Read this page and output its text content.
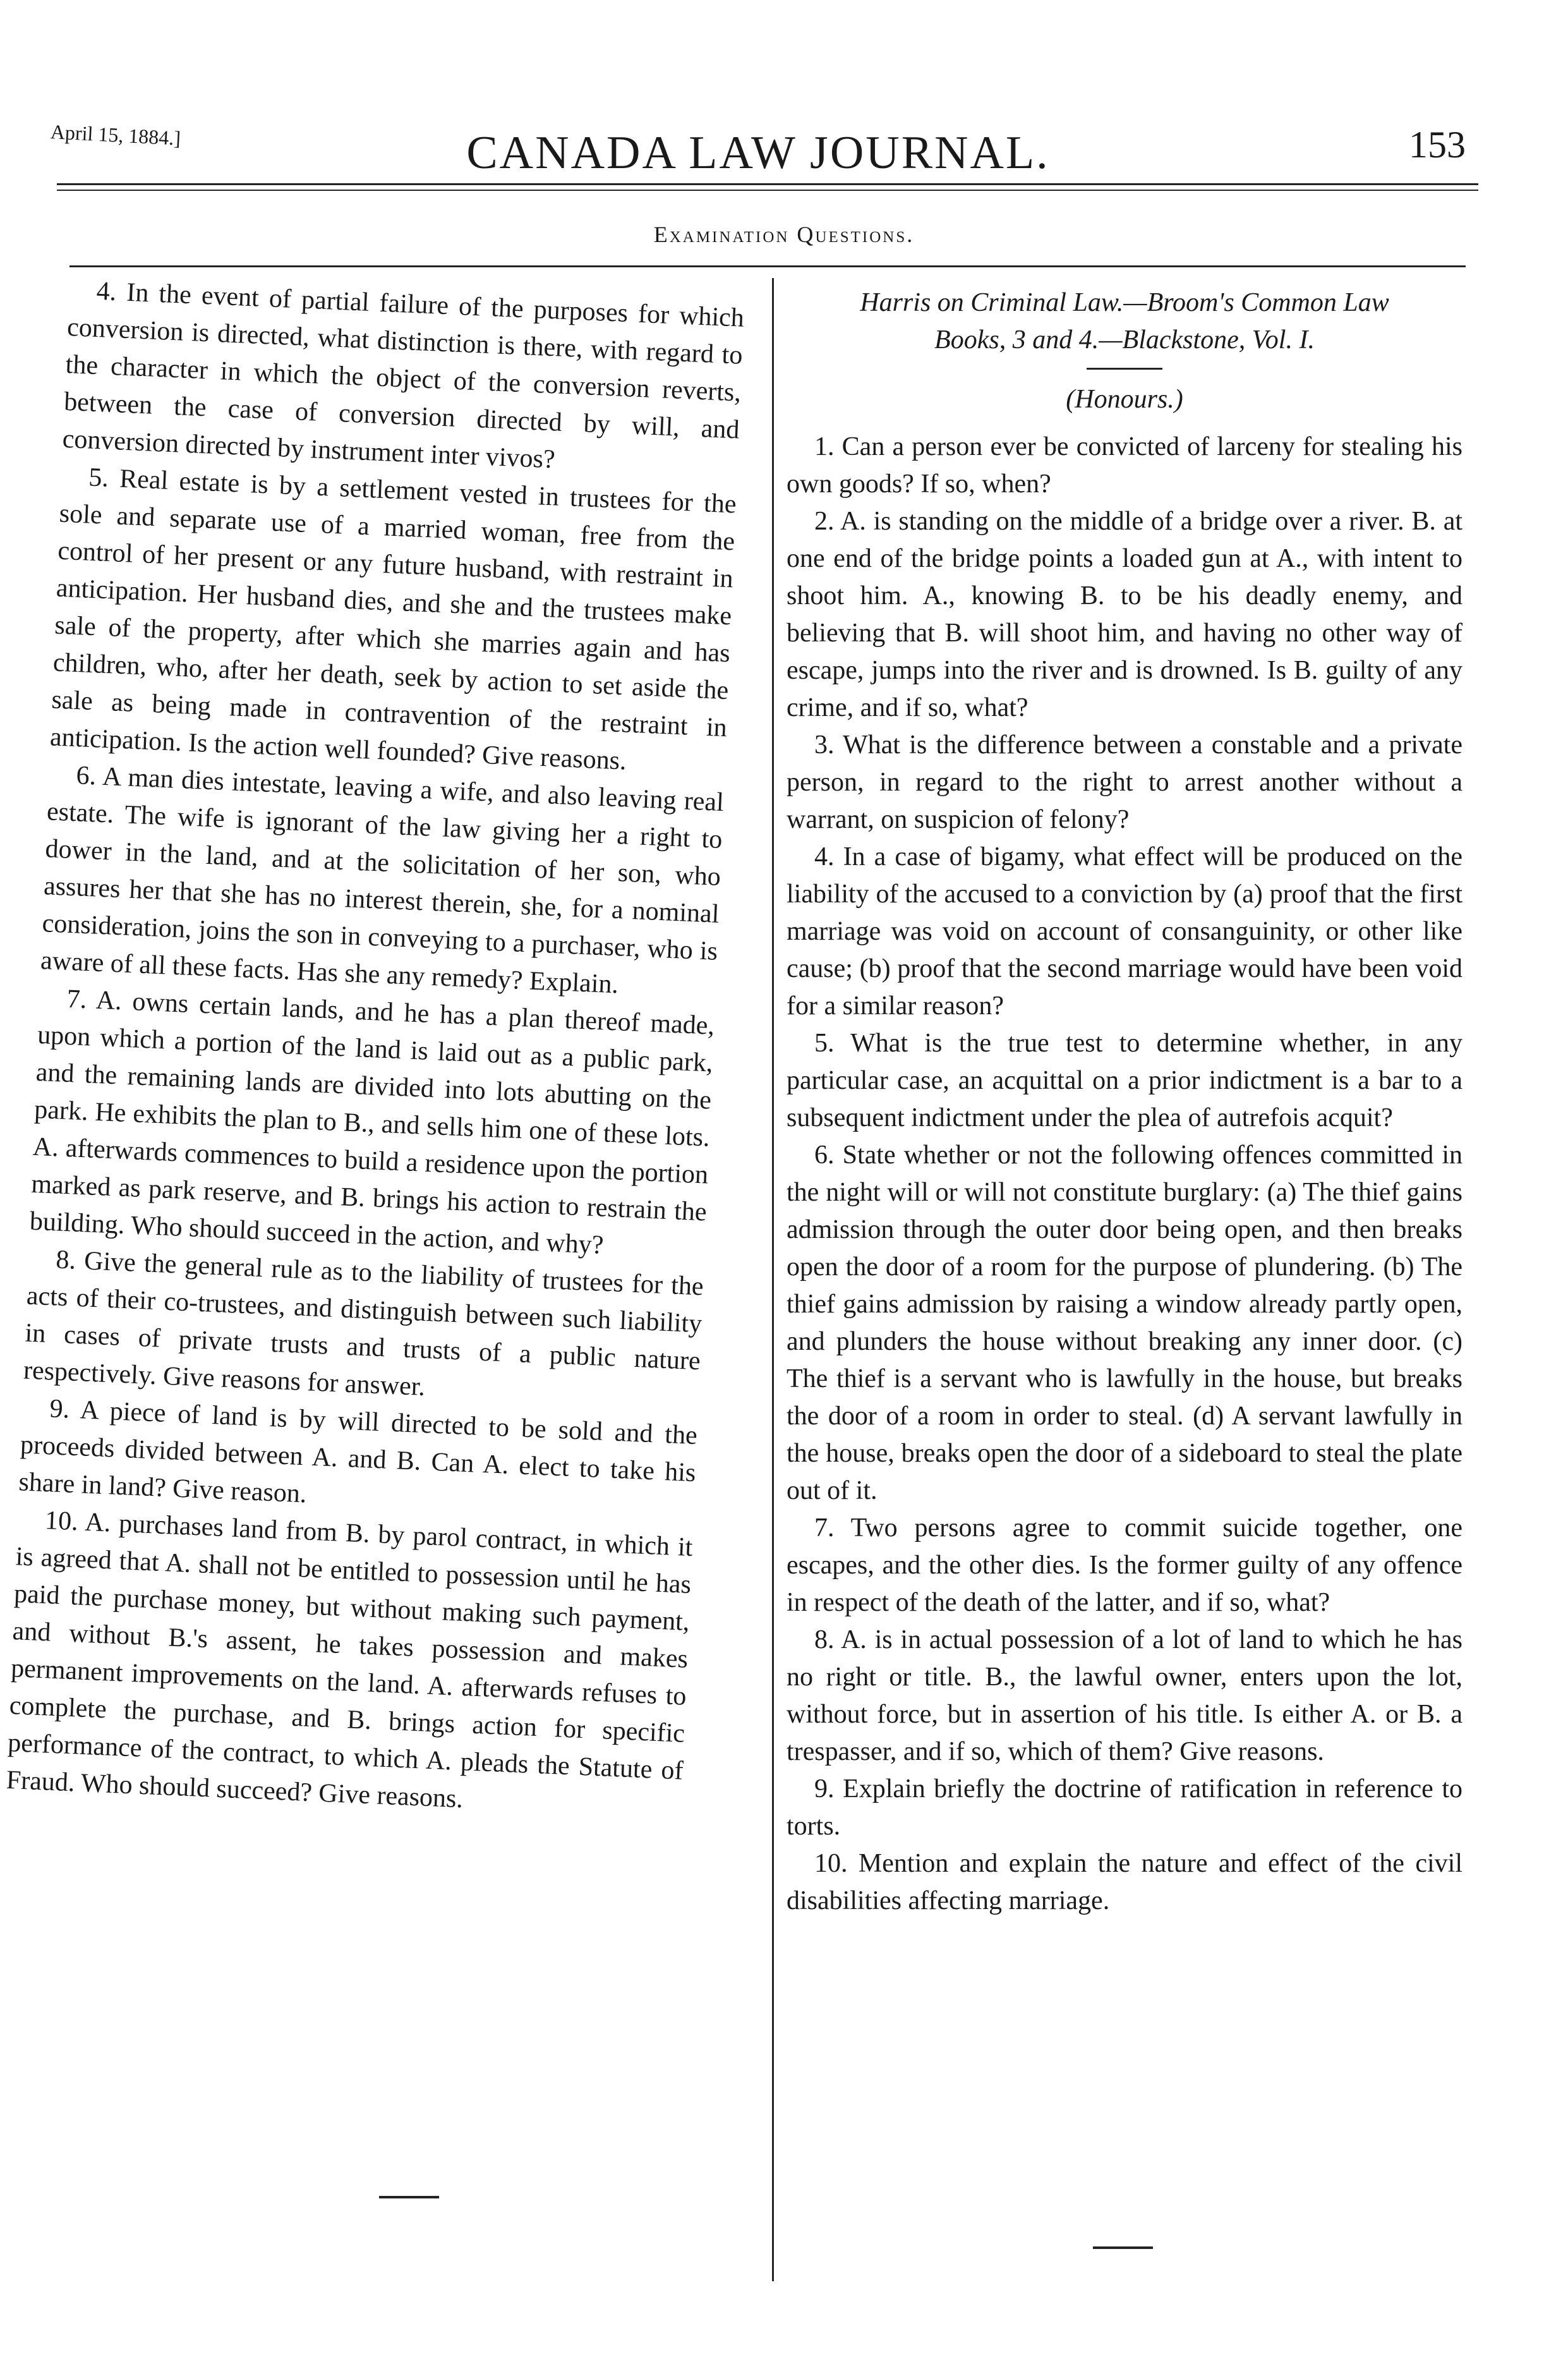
April 15, 1884.]	CANADA LAW JOURNAL.	153
Examination Questions.

4. In the event of partial failure of the purposes for which conversion is directed, what distinction is there, with regard to the character in which the object of the conversion reverts, between the case of conversion directed by will, and conversion directed by instrument inter vivos?

5. Real estate is by a settlement vested in trustees for the sole and separate use of a married woman, free from the control of her present or any future husband, with restraint in anticipation. Her husband dies, and she and the trustees make sale of the property, after which she marries again and has children, who, after her death, seek by action to set aside the sale as being made in contravention of the restraint in anticipation. Is the action well founded? Give reasons.

6. A man dies intestate, leaving a wife, and also leaving real estate. The wife is ignorant of the law giving her a right to dower in the land, and at the solicitation of her son, who assures her that she has no interest therein, she, for a nominal consideration, joins the son in conveying to a purchaser, who is aware of all these facts. Has she any remedy? Explain.

7. A. owns certain lands, and he has a plan thereof made, upon which a portion of the land is laid out as a public park, and the remaining lands are divided into lots abutting on the park. He exhibits the plan to B., and sells him one of these lots. A. afterwards commences to build a residence upon the portion marked as park reserve, and B. brings his action to restrain the building. Who should succeed in the action, and why?

8. Give the general rule as to the liability of trustees for the acts of their co-trustees, and distinguish between such liability in cases of private trusts and trusts of a public nature respectively. Give reasons for answer.

9. A piece of land is by will directed to be sold and the proceeds divided between A. and B. Can A. elect to take his share in land? Give reason.

10. A. purchases land from B. by parol contract, in which it is agreed that A. shall not be entitled to possession until he has paid the purchase money, but without making such payment, and without B.'s assent, he takes possession and makes permanent improvements on the land. A. afterwards refuses to complete the purchase, and B. brings action for specific performance of the contract, to which A. pleads the Statute of Fraud. Who should succeed? Give reasons.

Harris on Criminal Law.—Broom's Common Law
Books, 3 and 4.—Blackstone, Vol. I.
(Honours.)

1. Can a person ever be convicted of larceny for stealing his own goods? If so, when?

2. A. is standing on the middle of a bridge over a river. B. at one end of the bridge points a loaded gun at A., with intent to shoot him. A., knowing B. to be his deadly enemy, and believing that B. will shoot him, and having no other way of escape, jumps into the river and is drowned. Is B. guilty of any crime, and if so, what?

3. What is the difference between a constable and a private person, in regard to the right to arrest another without a warrant, on suspicion of felony?

4. In a case of bigamy, what effect will be produced on the liability of the accused to a conviction by (a) proof that the first marriage was void on account of consanguinity, or other like cause; (b) proof that the second marriage would have been void for a similar reason?

5. What is the true test to determine whether, in any particular case, an acquittal on a prior indictment is a bar to a subsequent indictment under the plea of autrefois acquit?

6. State whether or not the following offences committed in the night will or will not constitute burglary: (a) The thief gains admission through the outer door being open, and then breaks open the door of a room for the purpose of plundering. (b) The thief gains admission by raising a window already partly open, and plunders the house without breaking any inner door. (c) The thief is a servant who is lawfully in the house, but breaks the door of a room in order to steal. (d) A servant lawfully in the house, breaks open the door of a sideboard to steal the plate out of it.

7. Two persons agree to commit suicide together, one escapes, and the other dies. Is the former guilty of any offence in respect of the death of the latter, and if so, what?

8. A. is in actual possession of a lot of land to which he has no right or title. B., the lawful owner, enters upon the lot, without force, but in assertion of his title. Is either A. or B. a trespasser, and if so, which of them? Give reasons.

9. Explain briefly the doctrine of ratification in reference to torts.

10. Mention and explain the nature and effect of the civil disabilities affecting marriage.
